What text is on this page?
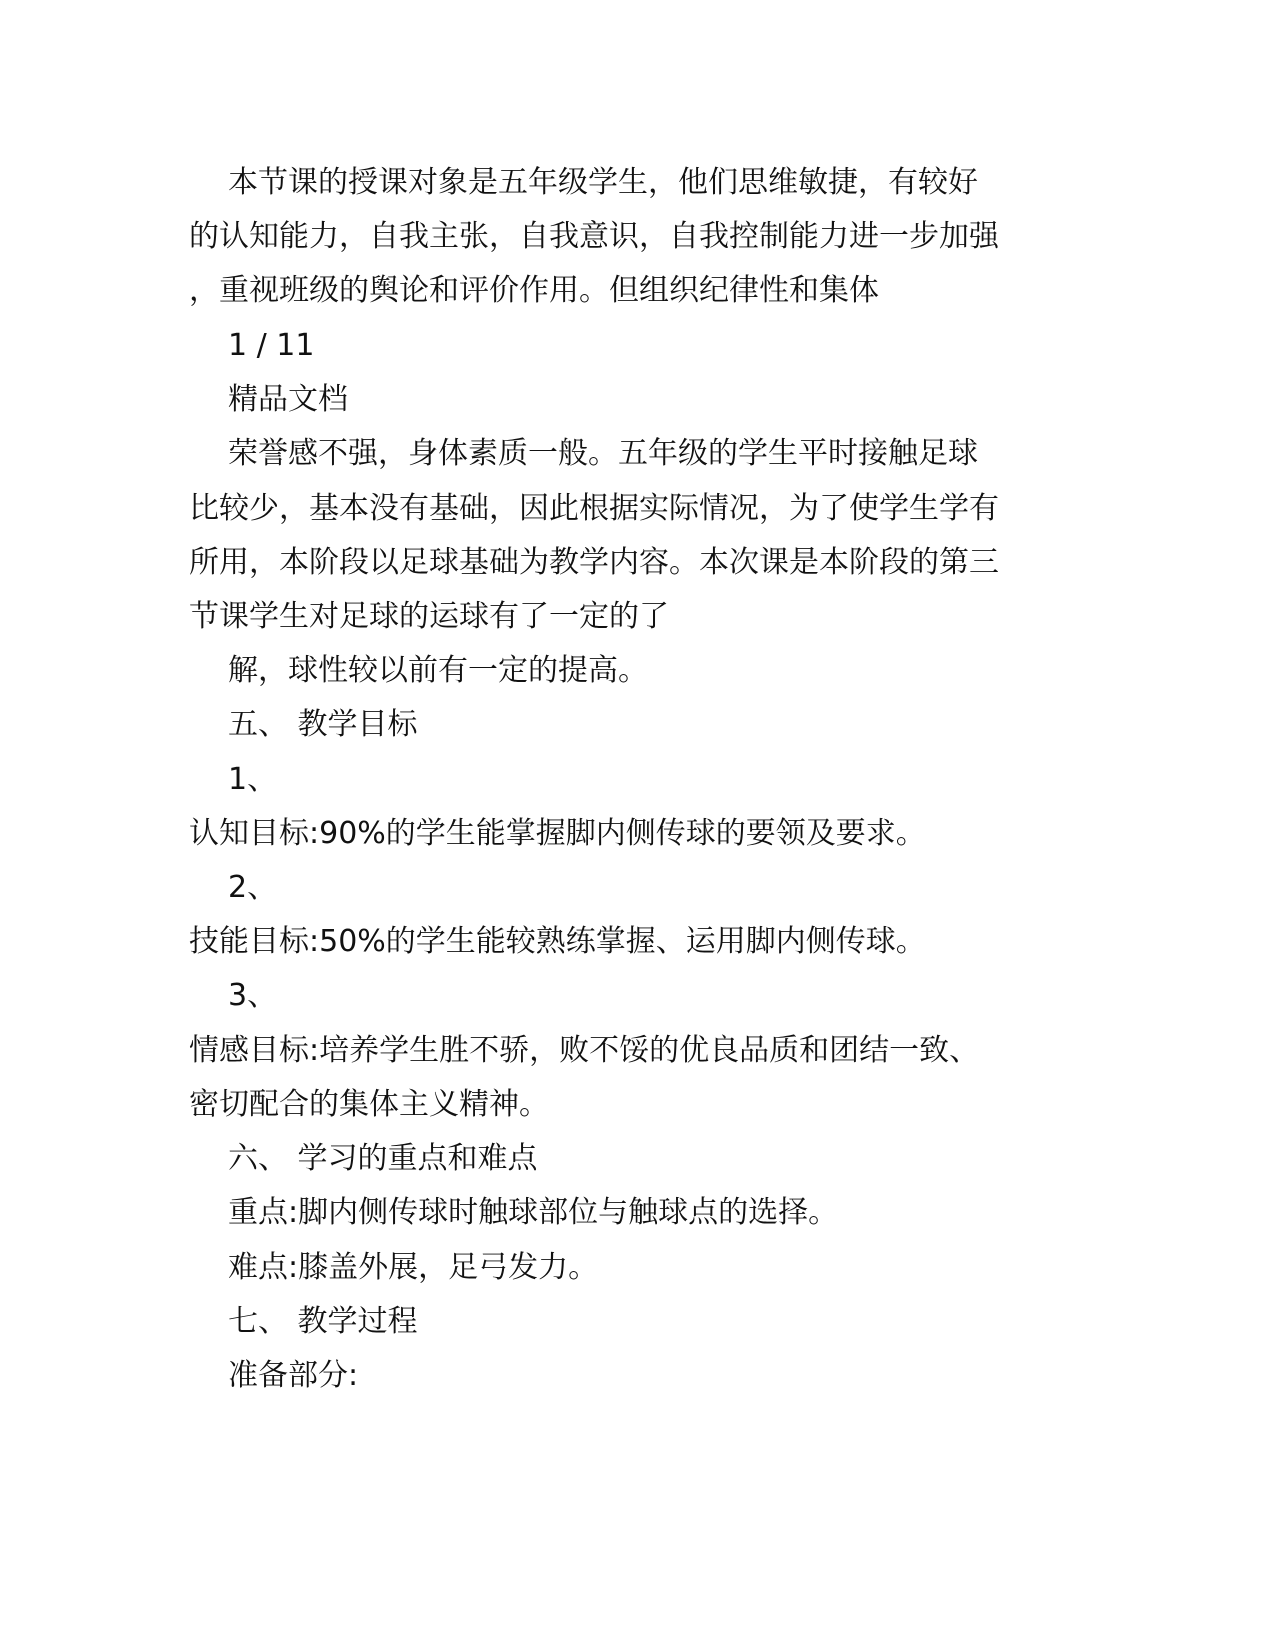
本节课的授课对象是五年级学生，他们思维敏捷，有较好
的认知能力，自我主张，自我意识，自我控制能力进一步加强
，重视班级的舆论和评价作用。但组织纪律性和集体
1 / 11
精品文档
荣誉感不强，身体素质一般。五年级的学生平时接触足球
比较少，基本没有基础，因此根据实际情况，为了使学生学有
所用，本阶段以足球基础为教学内容。本次课是本阶段的第三
节课学生对足球的运球有了一定的了
解，球性较以前有一定的提高。
五、 教学目标
1、
认知目标:90%的学生能掌握脚内侧传球的要领及要求。
2、
技能目标:50%的学生能较熟练掌握、运用脚内侧传球。
3、
情感目标:培养学生胜不骄，败不馁的优良品质和团结一致、
密切配合的集体主义精神。
六、 学习的重点和难点
重点:脚内侧传球时触球部位与触球点的选择。
难点:膝盖外展，足弓发力。
七、 教学过程
准备部分:
